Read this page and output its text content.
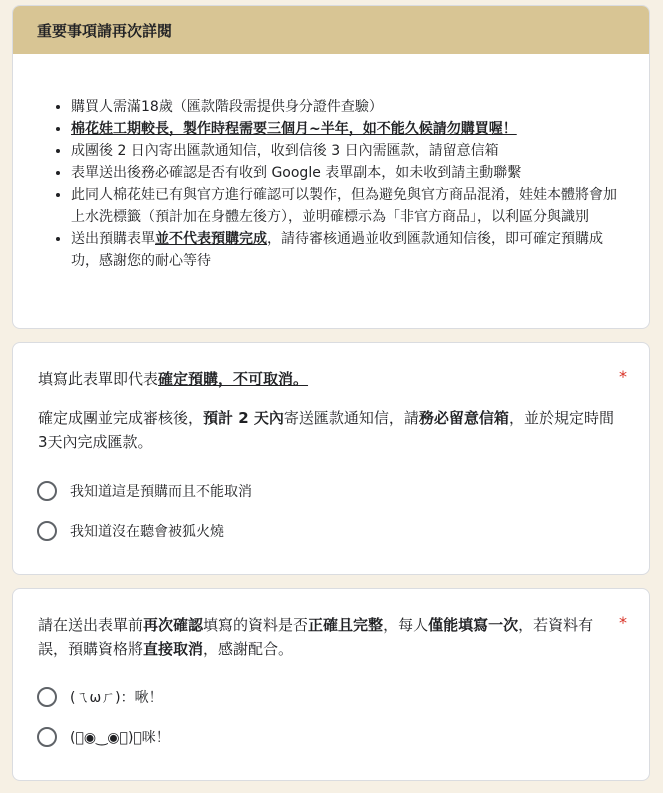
重要事項請再次詳閱
• 購買人需滿18歲（匯款階段需提供身分證件查驗）
• 棉花娃工期較長，製作時程需要三個月~半年，如不能久候請勿購買喔！
• 成團後 2 日內寄出匯款通知信，收到信後 3 日內需匯款，請留意信箱
• 表單送出後務必確認是否有收到 Google 表單副本，如未收到請主動聯繫
• 此同人棉花娃已有與官方進行確認可以製作，但為避免與官方商品混淆，娃娃本體將會加上水洗標籤（預計加在身體左後方），並明確標示為「非官方商品」，以利區分與識別
• 送出預購表單並不代表預購完成，請待審核通過並收到匯款通知信後，即可確定預購成功，感謝您的耐心等待
填寫此表單即代表確定預購，不可取消。	*
確定成團並完成審核後，預計 2 天內寄送匯款通知信，請務必留意信箱，並於規定時間3天內完成匯款。
我知道這是預購而且不能取消
我知道沒在聽會被狐火燒
請在送出表單前再次確認填寫的資料是否正確且完整，每人僅能填寫一次，若資料有誤，預購資格將直接取消，感謝配合。
*
(ㄟωㄏ)：啾！
(ﾞ◉‿◉ﾞ)：咪！
